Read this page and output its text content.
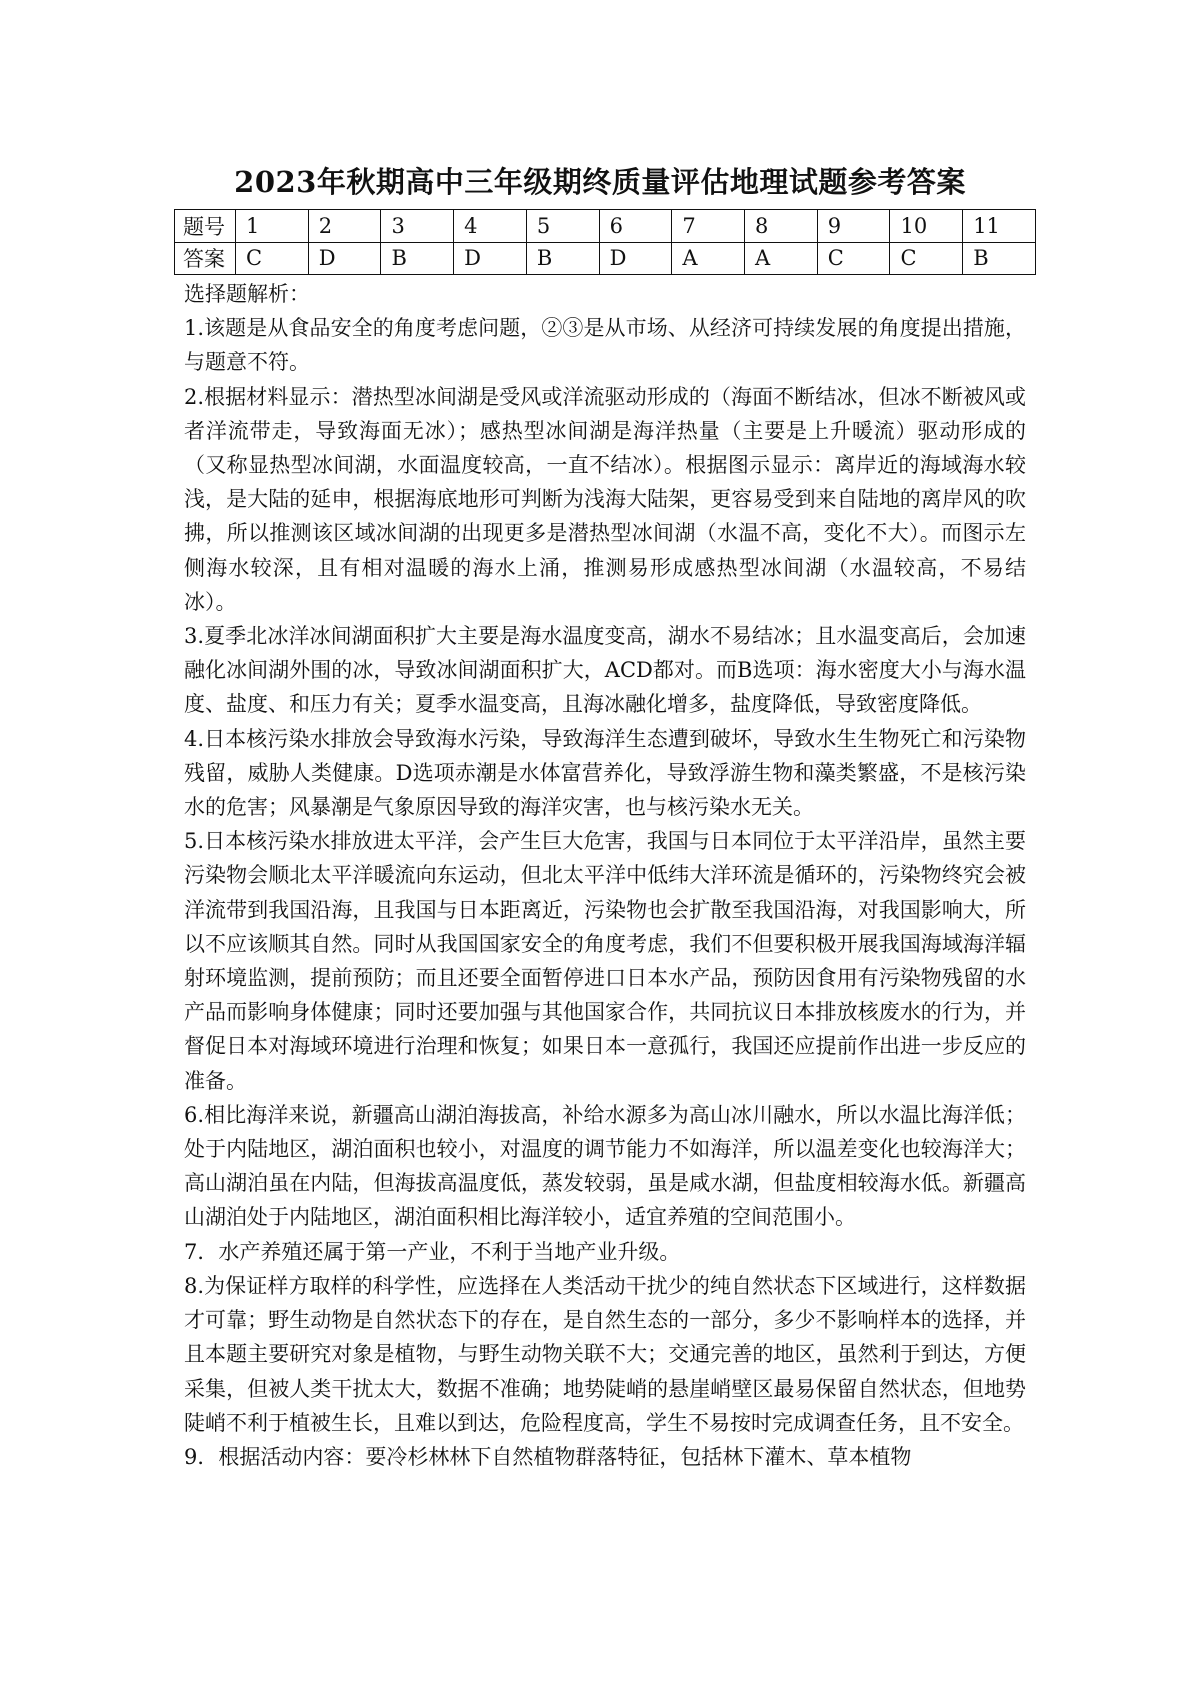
2023年秋期高中三年级期终质量评估地理试题参考答案
题号	1	2	3	4	5	6	7	8	9	10	11
答案	C	D	B	D	B	D	A	A	C	C	B

选择题解析：

1.该题是从食品安全的角度考虑问题，②③是从市场、从经济可持续发展的角度提出措施，与题意不符。

2.根据材料显示：潜热型冰间湖是受风或洋流驱动形成的（海面不断结冰，但冰不断被风或者洋流带走，导致海面无冰）；感热型冰间湖是海洋热量（主要是上升暖流）驱动形成的（又称显热型冰间湖，水面温度较高，一直不结冰）。根据图示显示：离岸近的海域海水较浅，是大陆的延申，根据海底地形可判断为浅海大陆架，更容易受到来自陆地的离岸风的吹拂，所以推测该区域冰间湖的出现更多是潜热型冰间湖（水温不高，变化不大）。而图示左侧海水较深，且有相对温暖的海水上涌，推测易形成感热型冰间湖（水温较高，不易结冰）。

3.夏季北冰洋冰间湖面积扩大主要是海水温度变高，湖水不易结冰；且水温变高后，会加速融化冰间湖外围的冰，导致冰间湖面积扩大，ACD都对。而B选项：海水密度大小与海水温度、盐度、和压力有关；夏季水温变高，且海冰融化增多，盐度降低，导致密度降低。

4.日本核污染水排放会导致海水污染，导致海洋生态遭到破坏，导致水生生物死亡和污染物残留，威胁人类健康。D选项赤潮是水体富营养化，导致浮游生物和藻类繁盛，不是核污染水的危害；风暴潮是气象原因导致的海洋灾害，也与核污染水无关。

5.日本核污染水排放进太平洋，会产生巨大危害，我国与日本同位于太平洋沿岸，虽然主要污染物会顺北太平洋暖流向东运动，但北太平洋中低纬大洋环流是循环的，污染物终究会被洋流带到我国沿海，且我国与日本距离近，污染物也会扩散至我国沿海，对我国影响大，所以不应该顺其自然。同时从我国国家安全的角度考虑，我们不但要积极开展我国海域海洋辐射环境监测，提前预防；而且还要全面暂停进口日本水产品，预防因食用有污染物残留的水产品而影响身体健康；同时还要加强与其他国家合作，共同抗议日本排放核废水的行为，并督促日本对海域环境进行治理和恢复；如果日本一意孤行，我国还应提前作出进一步反应的准备。

6.相比海洋来说，新疆高山湖泊海拔高，补给水源多为高山冰川融水，所以水温比海洋低；处于内陆地区，湖泊面积也较小，对温度的调节能力不如海洋，所以温差变化也较海洋大；高山湖泊虽在内陆，但海拔高温度低，蒸发较弱，虽是咸水湖，但盐度相较海水低。新疆高山湖泊处于内陆地区，湖泊面积相比海洋较小，适宜养殖的空间范围小。

7．水产养殖还属于第一产业，不利于当地产业升级。

8.为保证样方取样的科学性，应选择在人类活动干扰少的纯自然状态下区域进行，这样数据才可靠；野生动物是自然状态下的存在，是自然生态的一部分，多少不影响样本的选择，并且本题主要研究对象是植物，与野生动物关联不大；交通完善的地区，虽然利于到达，方便采集，但被人类干扰太大，数据不准确；地势陡峭的悬崖峭壁区最易保留自然状态，但地势陡峭不利于植被生长，且难以到达，危险程度高，学生不易按时完成调查任务，且不安全。

9．根据活动内容：要冷杉林林下自然植物群落特征，包括林下灌木、草本植物
